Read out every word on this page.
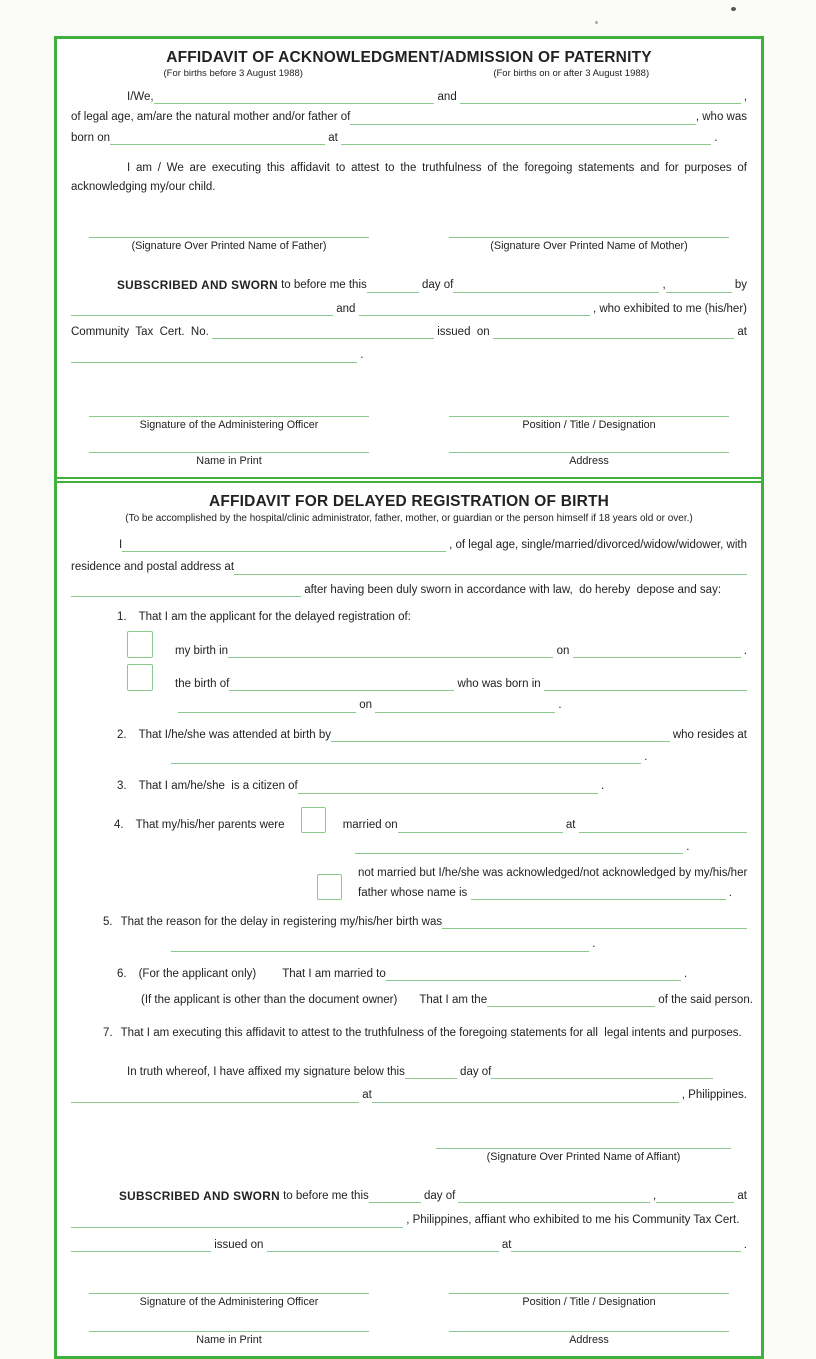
AFFIDAVIT OF ACKNOWLEDGMENT/ADMISSION OF PATERNITY
(For births before 3 August 1988)	(For births on or after 3 August 1988)

I/We,	and	,
of legal age, am/are the natural mother and/or father of	, who was
born on	at	.

I am / We are executing this affidavit to attest to the truthfulness of the foregoing statements and for purposes of acknowledging my/our child.

(Signature Over Printed Name of Father)	(Signature Over Printed Name of Mother)

SUBSCRIBED AND SWORN to before me this	day of	,	by
and	, who exhibited to me (his/her)
Community  Tax  Cert.  No.	issued  on	at
.
Signature of the Administering Officer	Position / Title / Designation
Name in Print	Address
AFFIDAVIT FOR DELAYED REGISTRATION OF BIRTH
(To be accomplished by the hospital/clinic administrator, father, mother, or guardian or the person himself if 18 years old or over.)

I	, of legal age, single/married/divorced/widow/widower, with
residence and postal address at
after having been duly sworn in accordance with law,  do hereby  depose and say:
1.	That I am the applicant for the delayed registration of:

my birth in	on	.

the birth of	who was born in
on	.
2.	That I/he/she was attended at birth by	who resides at
.
3.	That I am/he/she  is a citizen of	.
4.	That my/his/her parents were

	married on	at
.
not married but I/he/she was acknowledged/not acknowledged by my/his/her
father whose name is	.
5. That the reason for the delay in registering my/his/her birth was
.
6.	(For the applicant only)
That I am married to	.
(If the applicant is other than the document owner)
That I am the	of the said person.
7. That I am executing this affidavit to attest to the truthfulness of the foregoing statements for all  legal intents and purposes.

In truth whereof, I have affixed my signature below this	day of
at	, Philippines.
(Signature Over Printed Name of Affiant)

SUBSCRIBED AND SWORN to before me this	day of	,	at
, Philippines, affiant who exhibited to me his Community Tax Cert.
issued on	at	.
Signature of the Administering Officer	Position / Title / Designation
Name in Print	Address
